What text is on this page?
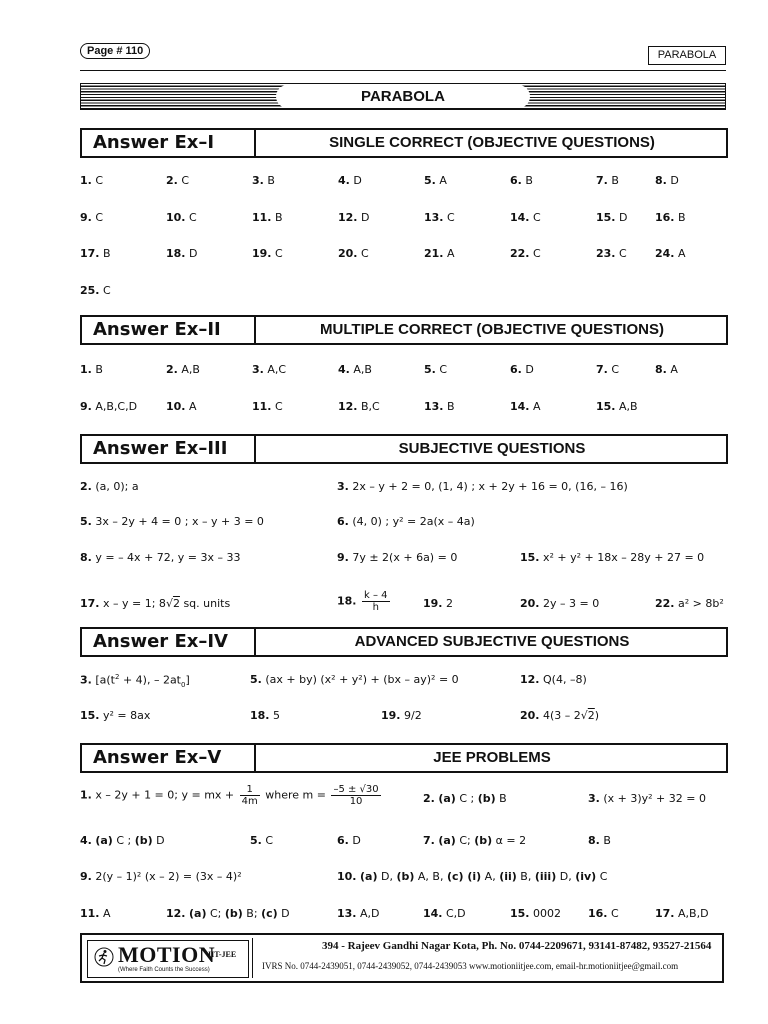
Page # 110	PARABOLA
PARABOLA
Answer Ex–I	SINGLE CORRECT (OBJECTIVE QUESTIONS)
1. C	2. C	3. B	4. D	5. A	6. B	7. B	8. D
9. C	10. C	11. B	12. D	13. C	14. C	15. D	16. B
17. B	18. D	19. C	20. C	21. A	22. C	23. C	24. A
25. C
Answer Ex–II	MULTIPLE CORRECT (OBJECTIVE QUESTIONS)
1. B	2. A,B	3. A,C	4. A,B	5. C	6. D	7. C	8. A
9. A,B,C,D	10. A	11. C	12. B,C	13. B	14. A	15. A,B
Answer Ex–III	SUBJECTIVE QUESTIONS
2. (a, 0); a	3. 2x – y + 2 = 0, (1, 4) ; x + 2y + 16 = 0, (16, – 16)
5. 3x – 2y + 4 = 0 ; x – y + 3 = 0	6. (4, 0) ; y² = 2a(x – 4a)
8. y = – 4x + 72, y = 3x – 33	9. 7y ± 2(x + 6a) = 0	15. x² + y² + 18x – 28y + 27 = 0
17. x – y = 1; 8√2 sq. units	18. $\frac{k - 4}{h}$	19. 2	20. 2y – 3 = 0	22. a² > 8b²
Answer Ex–IV	ADVANCED SUBJECTIVE QUESTIONS
3. [$a(t^2 + 4)$, – $2at_0$]	5. (ax + by) (x² + y²) + (bx – ay)² = 0	12. Q(4, –8)
15. y² = 8ax	18. 5	19. 9/2	20. 4(3 – 2√2)
Answer Ex–V	JEE PROBLEMS
1. x – 2y + 1 = 0; y = mx + $\frac{1}{4m}$ where $m = \frac{-5 \pm √30}{10}$	2. (a) C ; (b) B	3. (x + 3)y² + 32 = 0
4. (a) C ; (b) D	5. C	6. D	7. (a) C; (b) α = 2	8. B
9. 2(y – 1)² (x – 2) = (3x – 4)²	10. (a) D, (b) A, B, (c) (i) A, (ii) B, (iii) D, (iv) C
11. A	12. (a) C; (b) B; (c) D	13. A,D	14. C,D	15. 0002 16. C	17. A,B,D
MOTION
IIT-JEE
(Where Faith Counts the Success)
394 - Rajeev Gandhi Nagar Kota, Ph. No. 0744-2209671, 93141-87482, 93527-21564
IVRS No. 0744-2439051, 0744-2439052, 0744-2439053 www.motioniitjee.com, email-hr.motioniitjee@gmail.com
